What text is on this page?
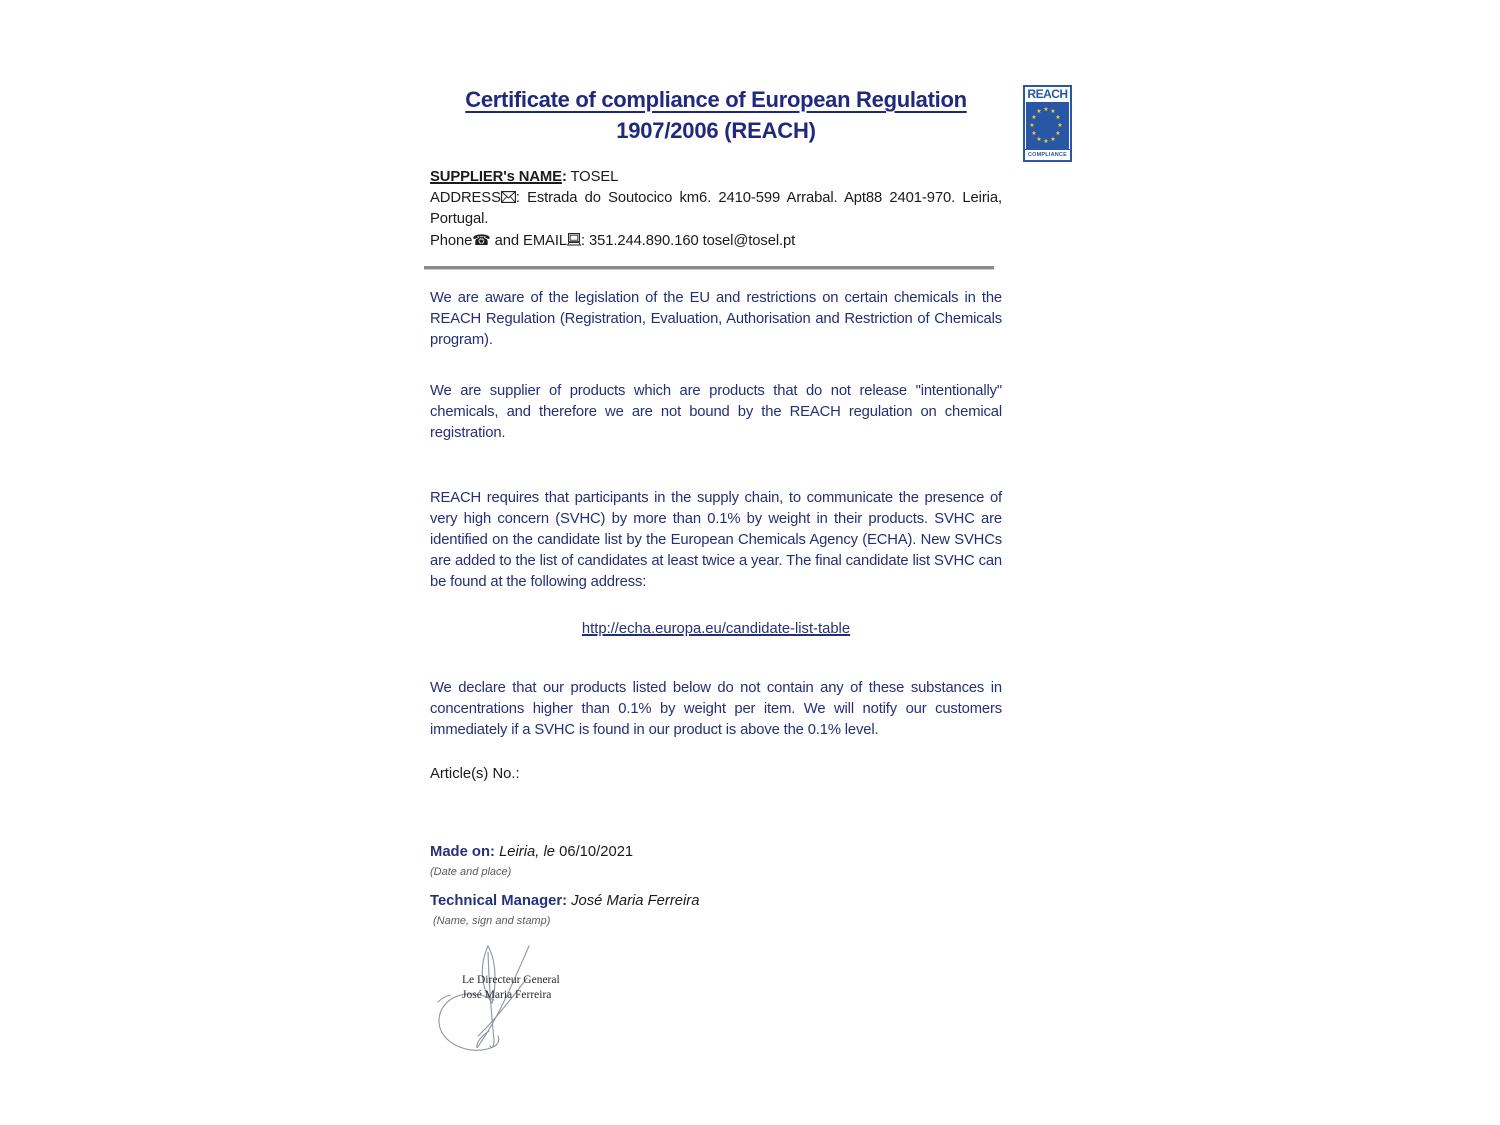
Certificate of compliance of European Regulation
1907/2006 (REACH)
REACH
★ ★
★
★
★
★
★
★
★
★
★
★
COMPLIANCE
SUPPLIER's NAME: TOSEL
ADDRESS : Estrada do Soutocico km6. 2410-599 Arrabal. Apt88 2401-970. Leiria, Portugal.
Phone☎ and EMAIL : 351.244.890.160 tosel@tosel.pt

We are aware of the legislation of the EU and restrictions on certain chemicals in the REACH Regulation (Registration, Evaluation, Authorisation and Restriction of Chemicals program).

We are supplier of products which are products that do not release "intentionally" chemicals, and therefore we are not bound by the REACH regulation on chemical registration.

REACH requires that participants in the supply chain, to communicate the presence of very high concern (SVHC) by more than 0.1% by weight in their products. SVHC are identified on the candidate list by the European Chemicals Agency (ECHA). New SVHCs are added to the list of candidates at least twice a year. The final candidate list SVHC can be found at the following address:

http://echa.europa.eu/candidate-list-table

We declare that our products listed below do not contain any of these substances in concentrations higher than 0.1% by weight per item. We will notify our customers immediately if a SVHC is found in our product is above the 0.1% level.

Article(s) No.:
Made on: Leiria, le 06/10/2021
(Date and place)
Technical Manager: José Maria Ferreira
(Name, sign and stamp)
Le Directeur General
José Maria Ferreira
